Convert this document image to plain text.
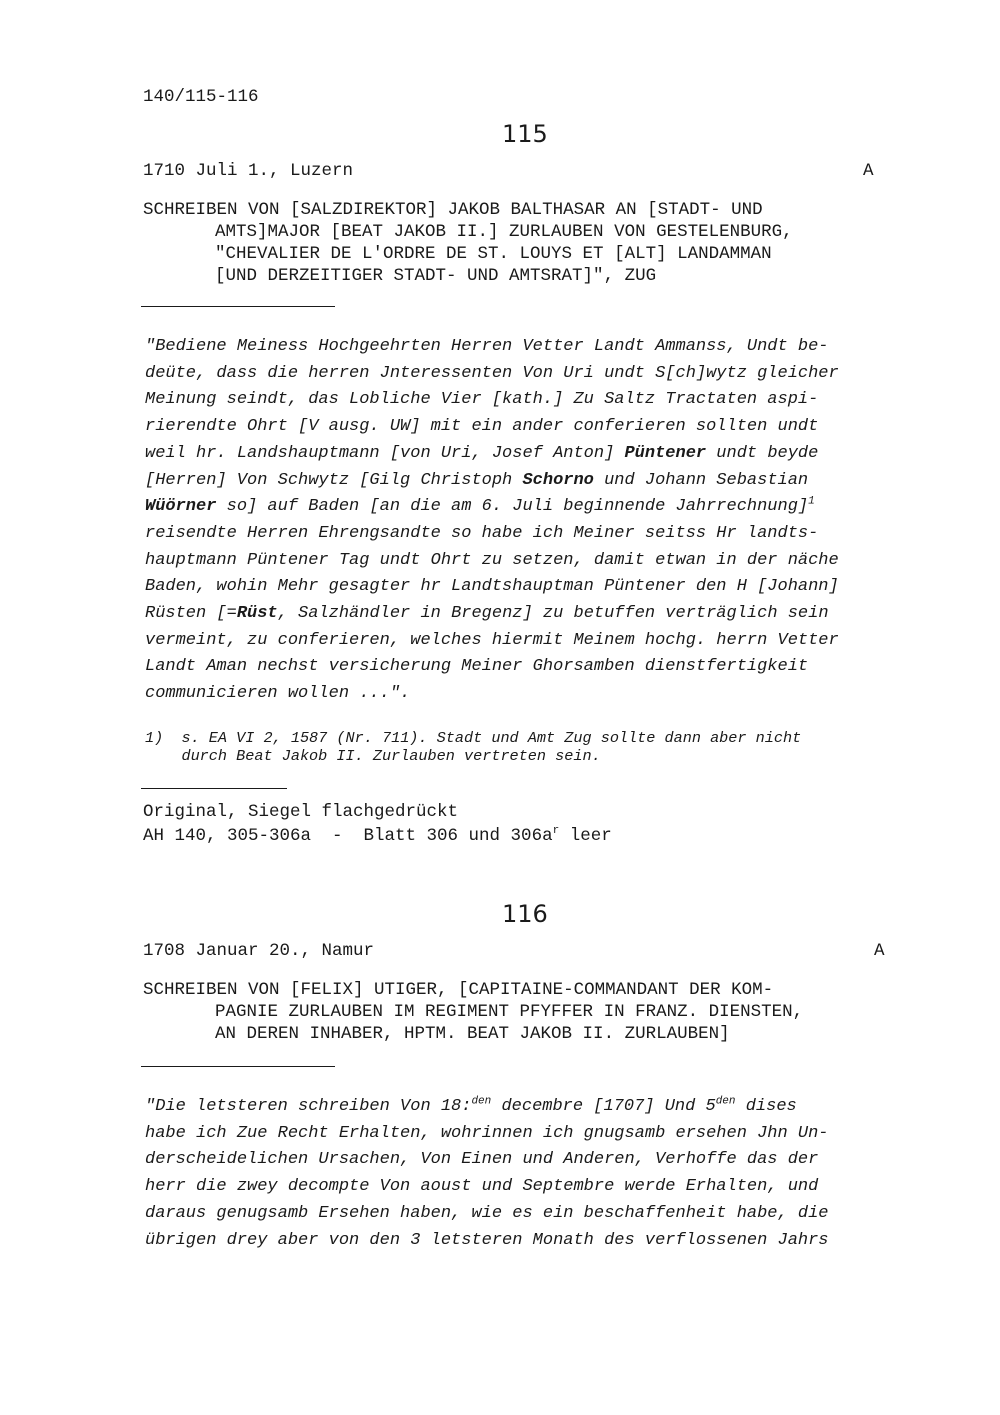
140/115-116
115
1710 Juli 1., Luzern	A
SCHREIBEN VON [SALZDIREKTOR] JAKOB BALTHASAR AN [STADT- UND
AMTS]MAJOR [BEAT JAKOB II.] ZURLAUBEN VON GESTELENBURG,
"CHEVALIER DE L'ORDRE DE ST. LOUYS ET [ALT] LANDAMMAN
[UND DERZEITIGER STADT- UND AMTSRAT]", ZUG
"Bediene Meiness Hochgeehrten Herren Vetter Landt Ammanss, Undt be-
deüte, dass die herren Jnteressenten Von Uri undt S[ch]wytz gleicher
Meinung seindt, das Lobliche Vier [kath.] Zu Saltz Tractaten aspi-
rierendte Ohrt [V ausg. UW] mit ein ander conferieren sollten undt
weil hr. Landshauptmann [von Uri, Josef Anton] Püntener undt beyde
[Herren] Von Schwytz [Gilg Christoph Schorno und Johann Sebastian
Wüörner so] auf Baden [an die am 6. Juli beginnende Jahrrechnung]$^1$
reisendte Herren Ehrengsandte so habe ich Meiner seitss Hr landts-
hauptmann Püntener Tag undt Ohrt zu setzen, damit etwan in der näche
Baden, wohin Mehr gesagter hr Landtshauptman Püntener den H [Johann]
Rüsten [=Rüst, Salzhändler in Bregenz] zu betuffen verträglich sein
vermeint, zu conferieren, welches hiermit Meinem hochg. herrn Vetter
Landt Aman nechst versicherung Meiner Ghorsamben dienstfertigkeit
communicieren wollen ...".
1)  s. EA VI 2, 1587 (Nr. 711). Stadt und Amt Zug sollte dann aber nicht
durch Beat Jakob II. Zurlauben vertreten sein.
Original, Siegel flachgedrückt
AH 140, 305-306a  -  Blatt 306 und $306a^r$ leer
116
1708 Januar 20., Namur	A
SCHREIBEN VON [FELIX] UTIGER, [CAPITAINE-COMMANDANT DER KOM-
PAGNIE ZURLAUBEN IM REGIMENT PFYFFER IN FRANZ. DIENSTEN,
AN DEREN INHABER, HPTM. BEAT JAKOB II. ZURLAUBEN]
"Die letsteren schreiben Von 18:$^{den}$ decembre [1707] Und $5^{den}$ dises
habe ich Zue Recht Erhalten, wohrinnen ich gnugsamb ersehen Jhn Un-
derscheidelichen Ursachen, Von Einen und Anderen, Verhoffe das der
herr die zwey decompte Von aoust und Septembre werde Erhalten, und
daraus genugsamb Ersehen haben, wie es ein beschaffenheit habe, die
übrigen drey aber von den 3 letsteren Monath des verflossenen Jahrs
